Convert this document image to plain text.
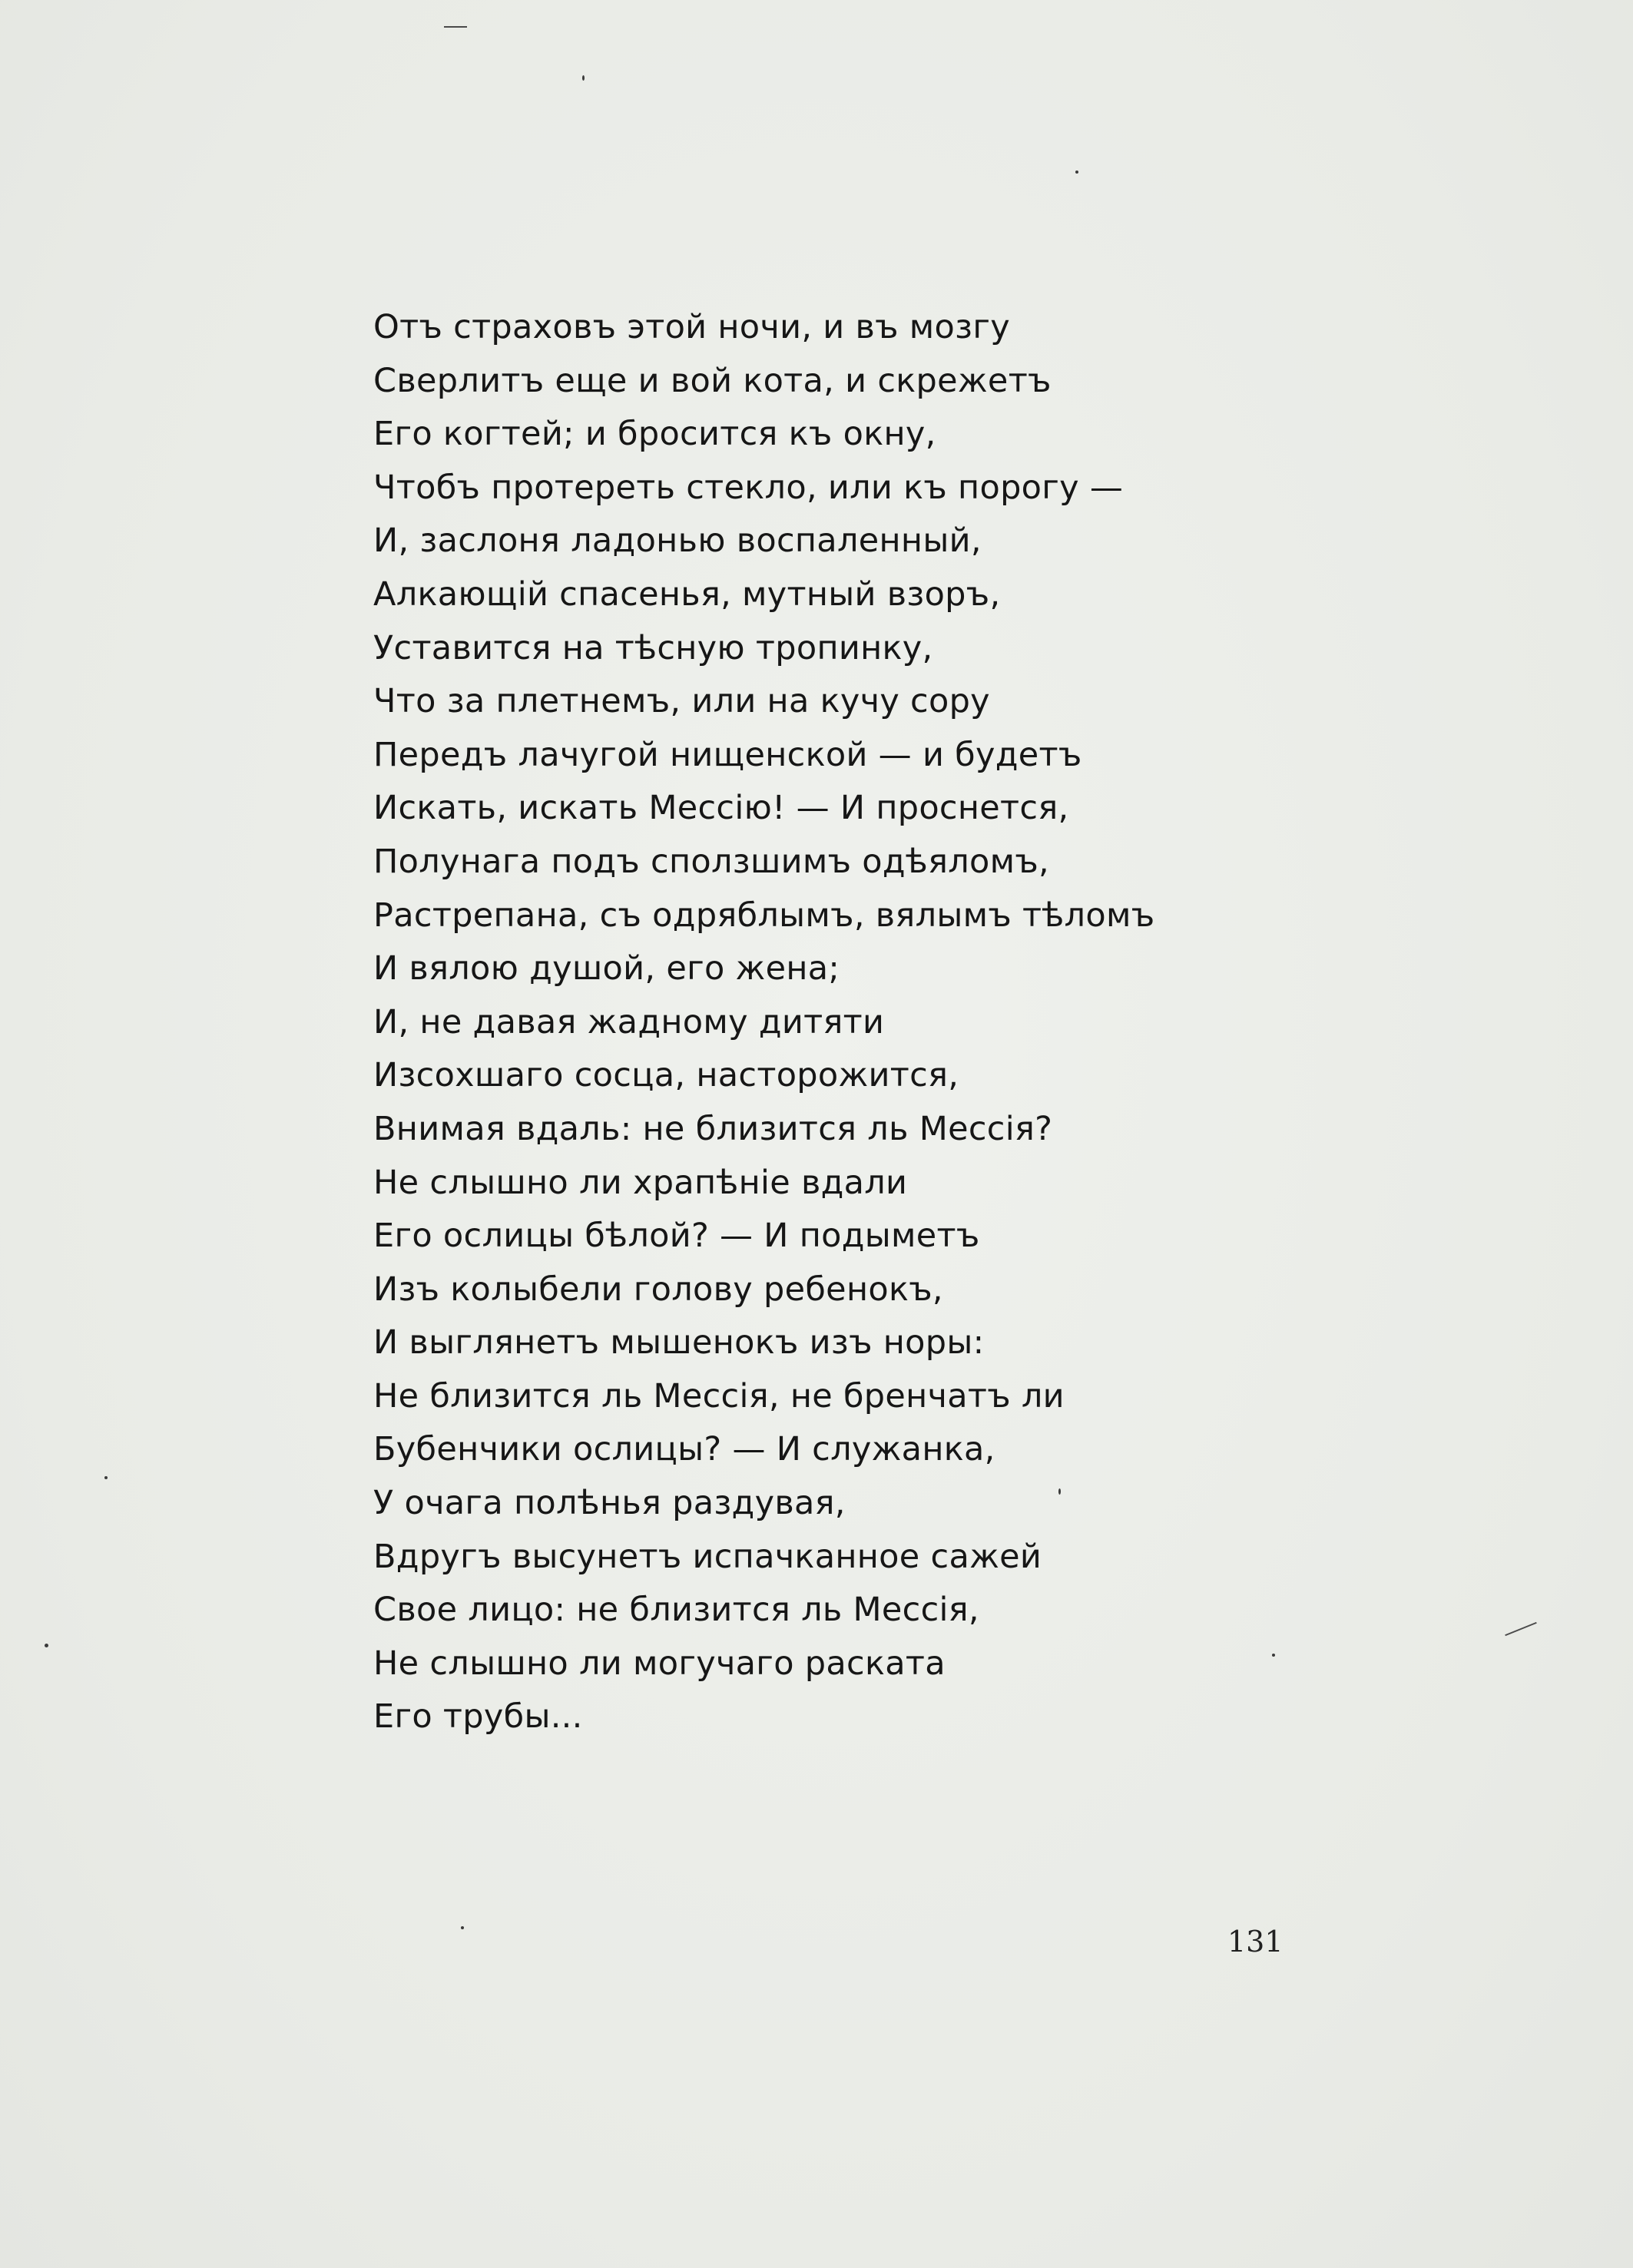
Отъ страховъ этой ночи, и въ мозгу
Сверлитъ еще и вой кота, и скрежетъ
Его когтей; и бросится къ окну,
Чтобъ протереть стекло, или къ порогу —
И, заслоня ладонью воспаленный,
Алкающій спасенья, мутный взоръ,
Уставится на тѣсную тропинку,
Что за плетнемъ, или на кучу сору
Передъ лачугой нищенской — и будетъ
Искать, искать Мессію! — И проснется,
Полунага подъ сползшимъ одѣяломъ,
Растрепана, съ одряблымъ, вялымъ тѣломъ
И вялою душой, его жена;
И, не давая жадному дитяти
Изсохшаго сосца, насторожится,
Внимая вдаль: не близится ль Мессія?
Не слышно ли храпѣніе вдали
Его ослицы бѣлой? — И подыметъ
Изъ колыбели голову ребенокъ,
И выглянетъ мышенокъ изъ норы:
Не близится ль Мессія, не бренчатъ ли
Бубенчики ослицы? — И служанка,
У очага полѣнья раздувая,
Вдругъ высунетъ испачканное сажей
Свое лицо: не близится ль Мессія,
Не слышно ли могучаго раската
Его трубы...
131
